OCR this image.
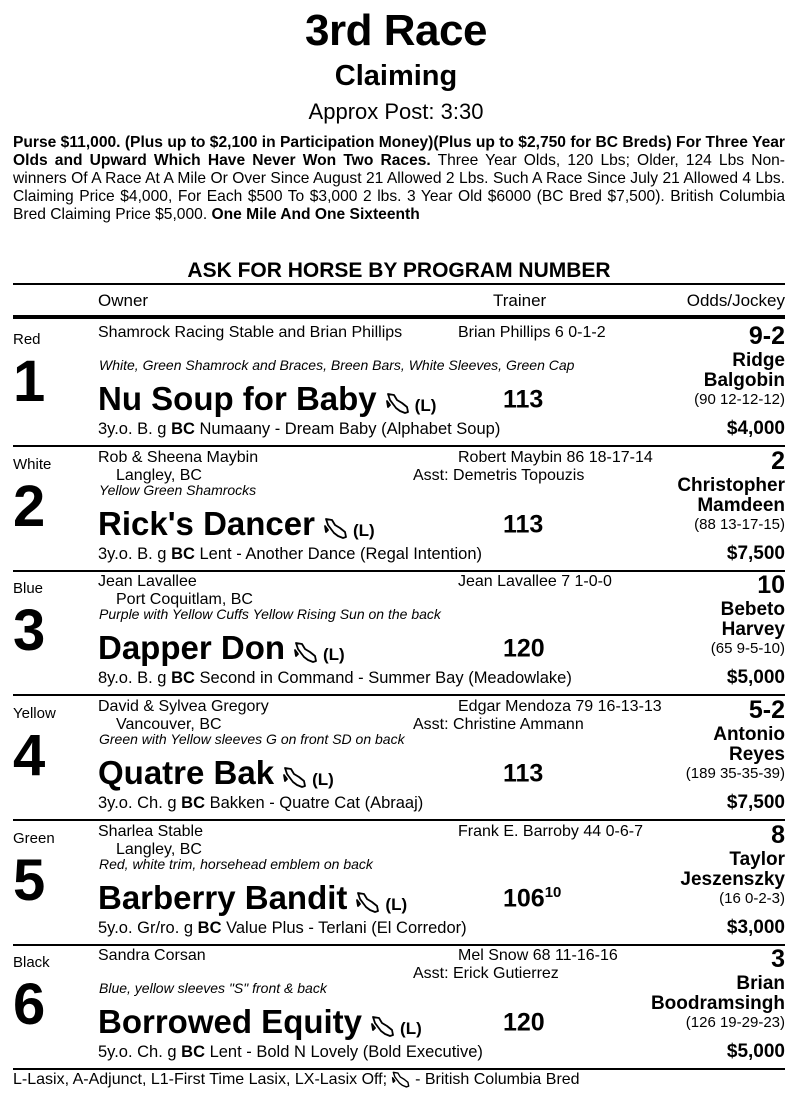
3rd Race
Claiming
Approx Post: 3:30
Purse $11,000. (Plus up to $2,100 in Participation Money)(Plus up to $2,750 for BC Breds) For Three Year Olds and Upward Which Have Never Won Two Races. Three Year Olds, 120 Lbs; Older, 124 Lbs Non-winners Of A Race At A Mile Or Over Since August 21 Allowed 2 Lbs. Such A Race Since July 21 Allowed 4 Lbs. Claiming Price $4,000, For Each $500 To $3,000 2 lbs. 3 Year Old $6000 (BC Bred $7,500). British Columbia Bred Claiming Price $5,000. One Mile And One Sixteenth
ASK FOR HORSE BY PROGRAM NUMBER
Owner	Trainer	Odds/Jockey
Red
1
Shamrock Racing Stable and Brian Phillips	Brian Phillips 6 0-1-2
White, Green Shamrock and Braces, Breen Bars, White Sleeves, Green Cap
Nu Soup for Baby (L)	113
3y.o. B. g BC Numaany - Dream Baby (Alphabet Soup)
9-2
Ridge
Balgobin
(90 12-12-12)
$4,000
White
2
Rob & Sheena Maybin
Langley, BC
Robert Maybin 86 18-17-14
Asst: Demetris Topouzis
Yellow Green Shamrocks
Rick's Dancer (L)	113
3y.o. B. g BC Lent - Another Dance (Regal Intention)
2
Christopher
Mamdeen
(88 13-17-15)
$7,500
Blue
3
Jean Lavallee
Port Coquitlam, BC
Jean Lavallee 7 1-0-0
Purple with Yellow Cuffs Yellow Rising Sun on the back
Dapper Don (L)	120
8y.o. B. g BC Second in Command - Summer Bay (Meadowlake)
10
Bebeto
Harvey
(65 9-5-10)
$5,000
Yellow
4
David & Sylvea Gregory
Vancouver, BC
Edgar Mendoza 79 16-13-13
Asst: Christine Ammann
Green with Yellow sleeves G on front SD on back
Quatre Bak (L)	113
3y.o. Ch. g BC Bakken - Quatre Cat (Abraaj)
5-2
Antonio
Reyes
(189 35-35-39)
$7,500
Green
5
Sharlea Stable
Langley, BC
Frank E. Barroby 44 0-6-7
Red, white trim, horsehead emblem on back
Barberry Bandit (L)	$106^{10}$
5y.o. Gr/ro. g BC Value Plus - Terlani (El Corredor)
8
Taylor
Jeszenszky
(16 0-2-3)
$3,000
Black
6
Sandra Corsan	Mel Snow 68 11-16-16
Asst: Erick Gutierrez
Blue, yellow sleeves "S" front & back
Borrowed Equity (L)	120
5y.o. Ch. g BC Lent - Bold N Lovely (Bold Executive)
3
Brian
Boodramsingh
(126 19-29-23)
$5,000
L-Lasix, A-Adjunct, L1-First Time Lasix, LX-Lasix Off; - British Columbia Bred
